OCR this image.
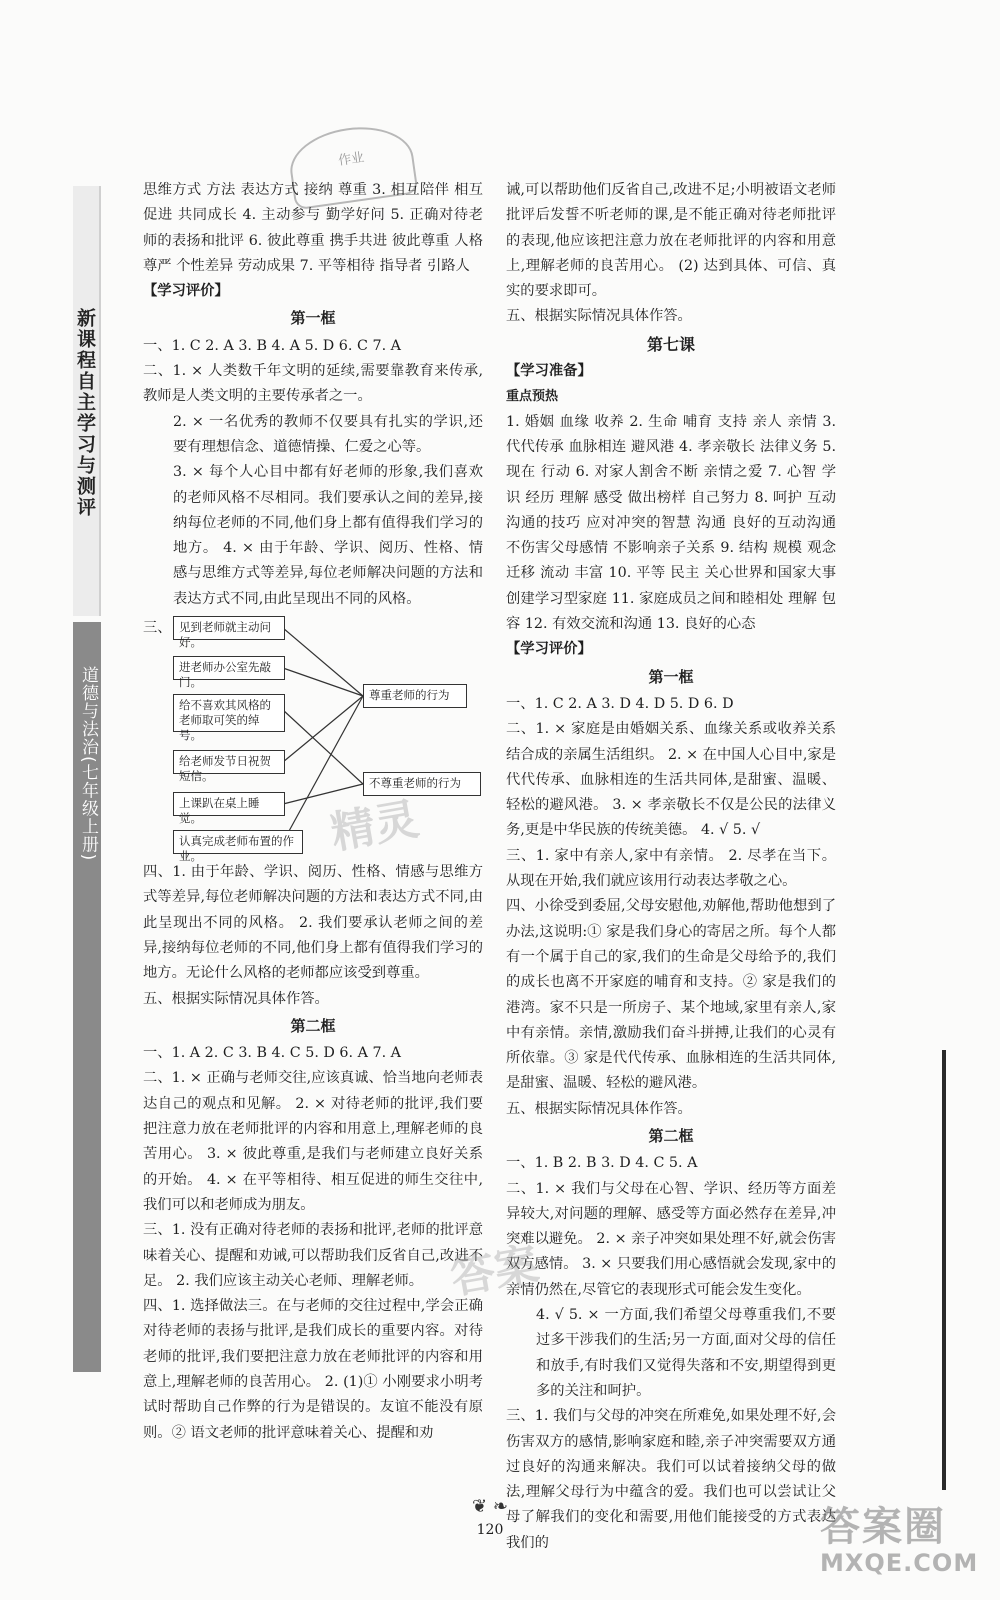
新课程自主学习与测评
道德与法治(七年级上册)
作业

思维方式 方法 表达方式 接纳 尊重 3. 相互陪伴 相互促进 共同成长 4. 主动参与 勤学好问 5. 正确对待老师的表扬和批评 6. 彼此尊重 携手共进 彼此尊重 人格尊严 个性差异 劳动成果 7. 平等相待 指导者 引路人

【学习评价】

第一框

一、1. C 2. A 3. B 4. A 5. D 6. C 7. A

二、1. × 人类数千年文明的延续,需要靠教育来传承,教师是人类文明的主要传承者之一。

2. × 一名优秀的教师不仅要具有扎实的学识,还要有理想信念、道德情操、仁爱之心等。

3. × 每个人心目中都有好老师的形象,我们喜欢的老师风格不尽相同。我们要承认之间的差异,接纳每位老师的不同,他们身上都有值得我们学习的地方。 4. × 由于年龄、学识、阅历、性格、情感与思维方式等差异,每位老师解决问题的方法和表达方式不同,由此呈现出不同的风格。

三、 见到老师就主动问好。
进老师办公室先敲门。
给不喜欢其风格的老师取可笑的绰号。
给老师发节日祝贺短信。
上课趴在桌上睡觉。
认真完成老师布置的作业。
尊重老师的行为
不尊重老师的行为

四、1. 由于年龄、学识、阅历、性格、情感与思维方式等差异,每位老师解决问题的方法和表达方式不同,由此呈现出不同的风格。 2. 我们要承认老师之间的差异,接纳每位老师的不同,他们身上都有值得我们学习的地方。无论什么风格的老师都应该受到尊重。

五、根据实际情况具体作答。

第二框

一、1. A 2. C 3. B 4. C 5. D 6. A 7. A

二、1. × 正确与老师交往,应该真诚、恰当地向老师表达自己的观点和见解。 2. × 对待老师的批评,我们要把注意力放在老师批评的内容和用意上,理解老师的良苦用心。 3. × 彼此尊重,是我们与老师建立良好关系的开始。 4. × 在平等相待、相互促进的师生交往中,我们可以和老师成为朋友。

三、1. 没有正确对待老师的表扬和批评,老师的批评意味着关心、提醒和劝诫,可以帮助我们反省自己,改进不足。 2. 我们应该主动关心老师、理解老师。

四、1. 选择做法三。在与老师的交往过程中,学会正确对待老师的表扬与批评,是我们成长的重要内容。对待老师的批评,我们要把注意力放在老师批评的内容和用意上,理解老师的良苦用心。 2. (1)① 小刚要求小明考试时帮助自己作弊的行为是错误的。友谊不能没有原则。② 语文老师的批评意味着关心、提醒和劝

诫,可以帮助他们反省自己,改进不足;小明被语文老师批评后发誓不听老师的课,是不能正确对待老师批评的表现,他应该把注意力放在老师批评的内容和用意上,理解老师的良苦用心。 (2) 达到具体、可信、真实的要求即可。

五、根据实际情况具体作答。

第七课

【学习准备】

重点预热

1. 婚姻 血缘 收养 2. 生命 哺育 支持 亲人 亲情 3. 代代传承 血脉相连 避风港 4. 孝亲敬长 法律义务 5. 现在 行动 6. 对家人割舍不断 亲情之爱 7. 心智 学识 经历 理解 感受 做出榜样 自己努力 8. 呵护 互动沟通的技巧 应对冲突的智慧 沟通 良好的互动沟通 不伤害父母感情 不影响亲子关系 9. 结构 规模 观念 迁移 流动 丰富 10. 平等 民主 关心世界和国家大事 创建学习型家庭 11. 家庭成员之间和睦相处 理解 包容 12. 有效交流和沟通 13. 良好的心态

【学习评价】

第一框

一、1. C 2. A 3. D 4. D 5. D 6. D

二、1. × 家庭是由婚姻关系、血缘关系或收养关系结合成的亲属生活组织。 2. × 在中国人心目中,家是代代传承、血脉相连的生活共同体,是甜蜜、温暖、轻松的避风港。 3. × 孝亲敬长不仅是公民的法律义务,更是中华民族的传统美德。 4. √ 5. √

三、1. 家中有亲人,家中有亲情。 2. 尽孝在当下。从现在开始,我们就应该用行动表达孝敬之心。

四、小徐受到委屈,父母安慰他,劝解他,帮助他想到了办法,这说明:① 家是我们身心的寄居之所。每个人都有一个属于自己的家,我们的生命是父母给予的,我们的成长也离不开家庭的哺育和支持。② 家是我们的港湾。家不只是一所房子、某个地域,家里有亲人,家中有亲情。亲情,激励我们奋斗拼搏,让我们的心灵有所依靠。③ 家是代代传承、血脉相连的生活共同体,是甜蜜、温暖、轻松的避风港。

五、根据实际情况具体作答。

第二框

一、1. B 2. B 3. D 4. C 5. A

二、1. × 我们与父母在心智、学识、经历等方面差异较大,对问题的理解、感受等方面必然存在差异,冲突难以避免。 2. × 亲子冲突如果处理不好,就会伤害双方感情。 3. × 只要我们用心感悟就会发现,家中的亲情仍然在,尽管它的表现形式可能会发生变化。

4. √ 5. × 一方面,我们希望父母尊重我们,不要过多干涉我们的生活;另一方面,面对父母的信任和放手,有时我们又觉得失落和不安,期望得到更多的关注和呵护。

三、1. 我们与父母的冲突在所难免,如果处理不好,会伤害双方的感情,影响家庭和睦,亲子冲突需要双方通过良好的沟通来解决。我们可以试着接纳父母的做法,理解父母行为中蕴含的爱。我们也可以尝试让父母了解我们的变化和需要,用他们能接受的方式表达我们的

精灵
答案
❦ ❧
120	答案圈
MXQE.COM
